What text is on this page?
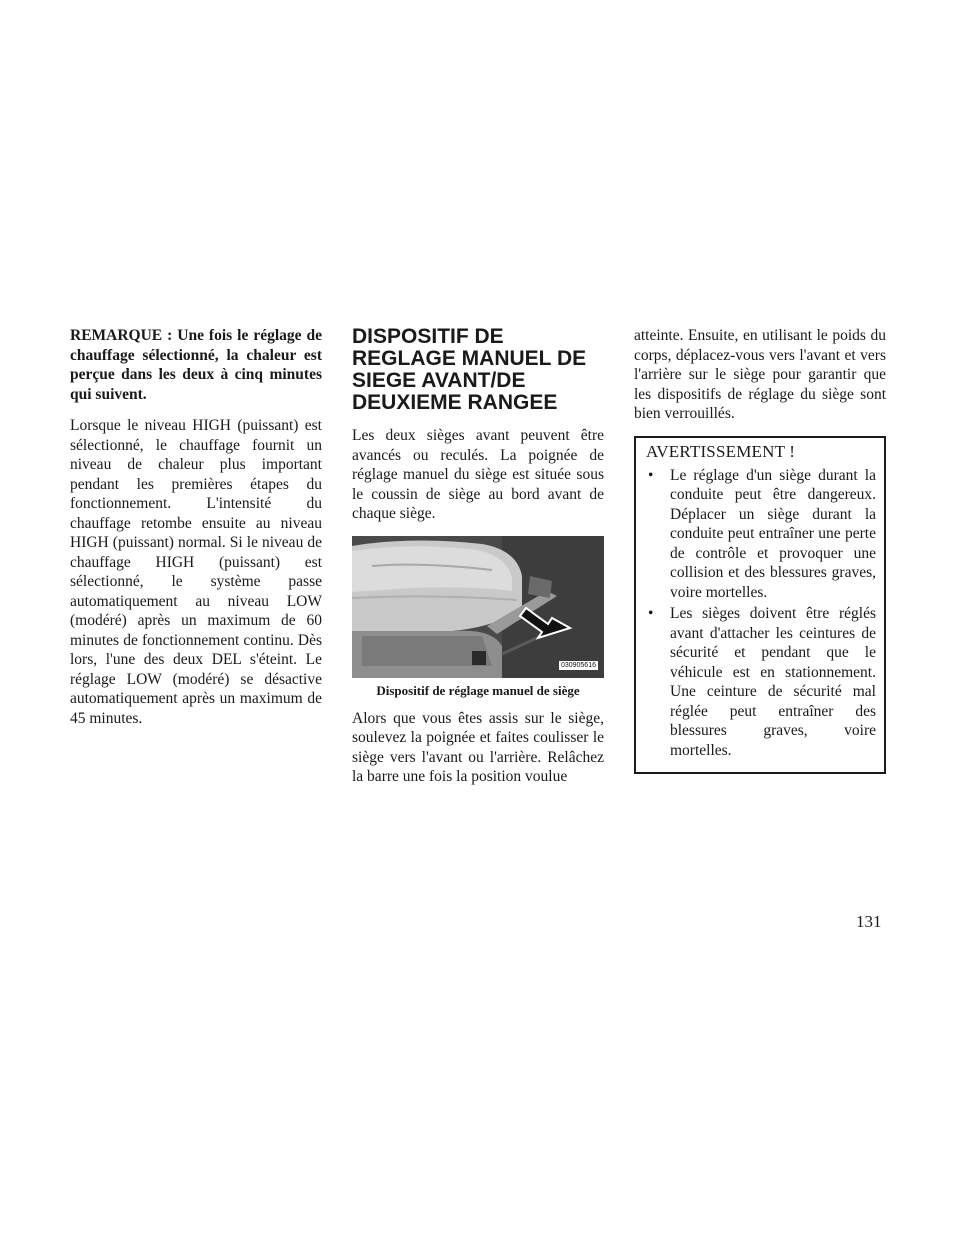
REMARQUE : Une fois le réglage de chauffage sélectionné, la chaleur est perçue dans les deux à cinq minutes qui suivent.

Lorsque le niveau HIGH (puissant) est sélectionné, le chauffage fournit un niveau de chaleur plus important pendant les premières étapes du fonctionnement. L'intensité du chauffage retombe ensuite au niveau HIGH (puissant) normal. Si le niveau de chauffage HIGH (puissant) est sélectionné, le système passe automatiquement au niveau LOW (modéré) après un maximum de 60 minutes de fonctionnement continu. Dès lors, l'une des deux DEL s'éteint. Le réglage LOW (modéré) se désactive automatiquement après un maximum de 45 minutes.

DISPOSITIF DE REGLAGE MANUEL DE SIEGE AVANT/DE DEUXIEME RANGEE

Les deux sièges avant peuvent être avancés ou reculés. La poignée de réglage manuel du siège est située sous le coussin de siège au bord avant de chaque siège.

030905616
Dispositif de réglage manuel de siège

Alors que vous êtes assis sur le siège, soulevez la poignée et faites coulisser le siège vers l'avant ou l'arrière. Relâchez la barre une fois la position voulue

atteinte. Ensuite, en utilisant le poids du corps, déplacez-vous vers l'avant et vers l'arrière sur le siège pour garantir que les dispositifs de réglage du siège sont bien verrouillés.

AVERTISSEMENT !
• Le réglage d'un siège durant la conduite peut être dangereux. Déplacer un siège durant la conduite peut entraîner une perte de contrôle et provoquer une collision et des blessures graves, voire mortelles.
• Les sièges doivent être réglés avant d'attacher les ceintures de sécurité et pendant que le véhicule est en stationnement. Une ceinture de sécurité mal réglée peut entraîner des blessures graves, voire mortelles.
131
